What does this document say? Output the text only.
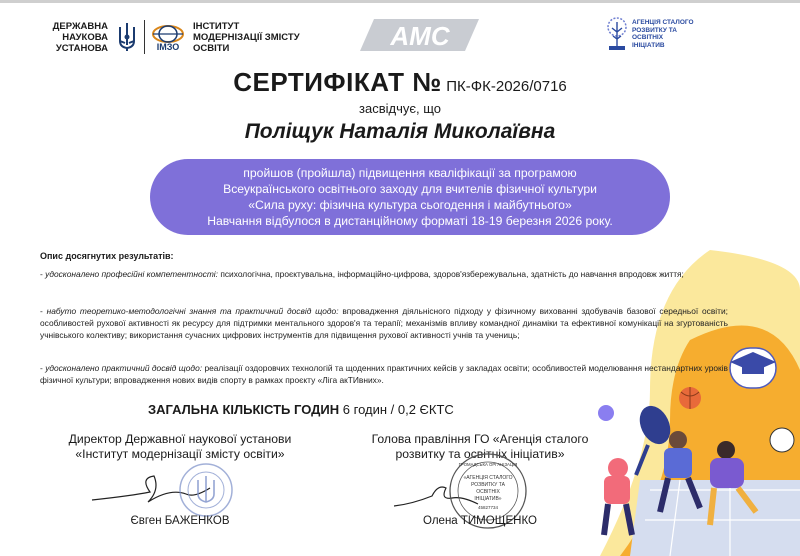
ДЕРЖАВНА
НАУКОВА
УСТАНОВА	ІМЗО
ІНСТИТУТ
МОДЕРНІЗАЦІЇ ЗМІСТУ
ОСВІТИ	АМС	АГЕНЦІЯ СТАЛОГО
РОЗВИТКУ ТА ОСВІТНІХ
ІНІЦІАТИВ
СЕРТИФІКАТ № ПК-ФК-2026/0716
засвідчує, що
Поліщук Наталія Миколаївна
пройшов (пройшла) підвищення кваліфікації за програмою
Всеукраїнського освітнього заходу для вчителів фізичної культури
«Сила руху: фізична культура сьогодення і майбутнього»
Навчання відбулося в дистанційному форматі 18-19 березня 2026 року.
Опис досягнутих результатів:
- удосконалено професійні компетентності: психологічна, проєктувальна, інформаційно-цифрова, здоров'язбережувальна, здатність до навчання впродовж життя;
- набуто теоретико-методологічні знання та практичний досвід щодо: впровадження діяльнісного підходу у фізичному вихованні здобувачів базової середньої освіти; особливостей рухової активності як ресурсу для підтримки ментального здоров'я та терапії; механізмів впливу командної динаміки та ефективної комунікації на згуртованість учнівського колективу; використання сучасних цифрових інструментів для підвищення рухової активності учнів та учениць;
- удосконалено практичний досвід щодо: реалізації оздоровчих технологій та щоденних практичних кейсів у закладах освіти; особливостей моделювання нестандартних уроків фізичної культури; впровадження нових видів спорту в рамках проєкту «Ліга акТИвних».
ЗАГАЛЬНА КІЛЬКІСТЬ ГОДИН 6 годин / 0,2 ЄКТС
Директор Державної наукової установи
«Інститут модернізації змісту освіти»
Євген БАЖЕНКОВ
Голова правління ГО «Агенція сталого
розвитку та освітніх ініціатив»
ГРОМАДСЬКА ОРГАНІЗАЦІЯ
«АГЕНЦІЯ СТАЛОГО
РОЗВИТКУ ТА
ОСВІТНІХ
ІНІЦІАТИВ»
45827734
Олена ТИМОЩЕНКО
